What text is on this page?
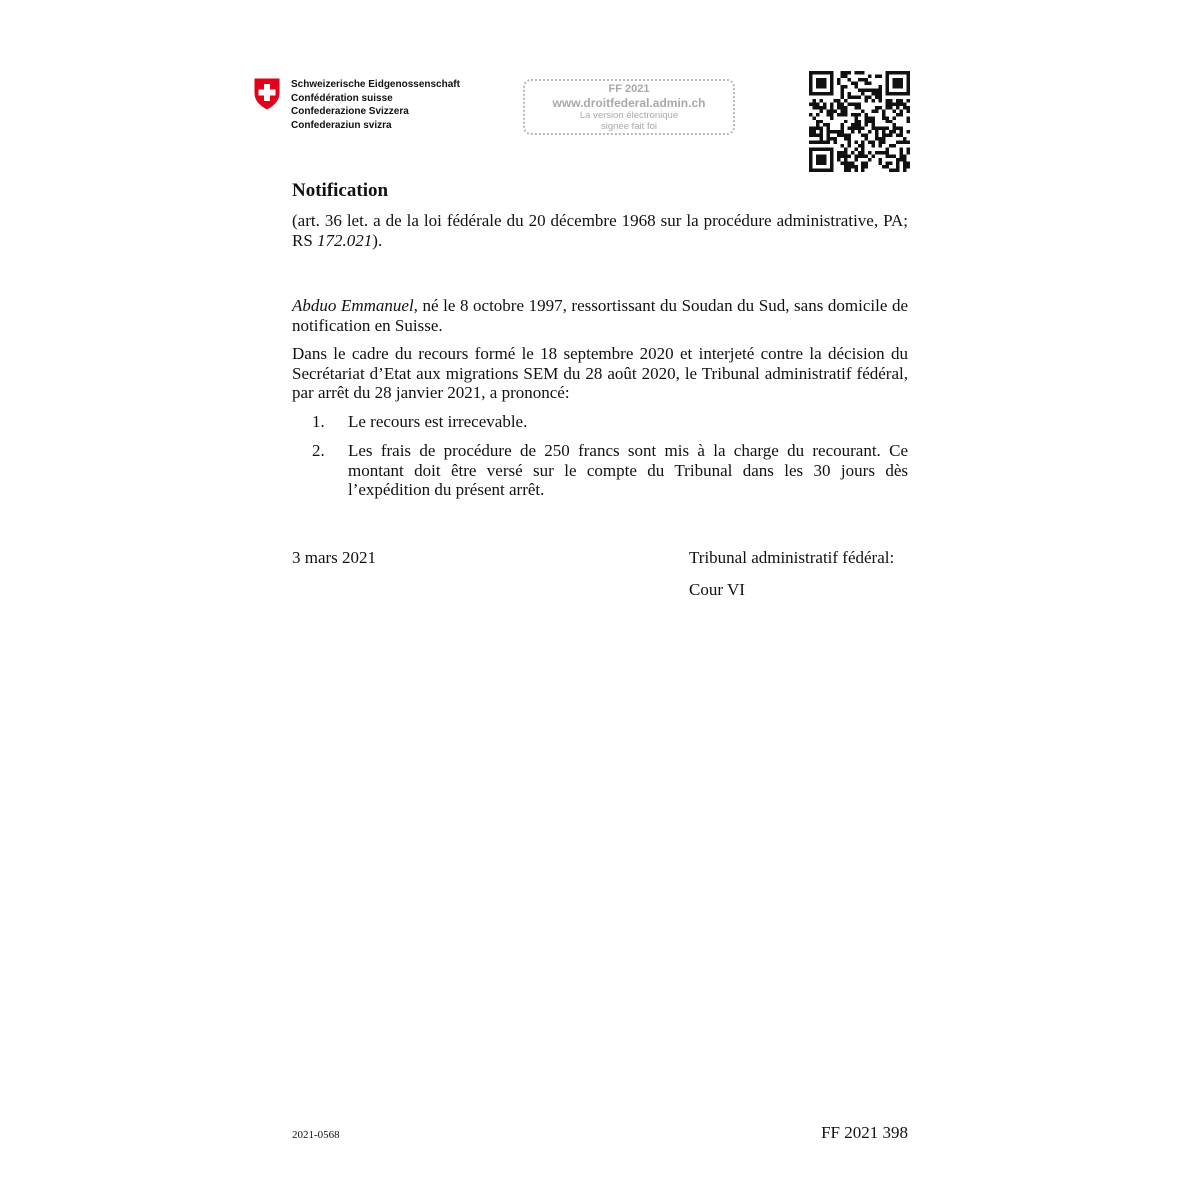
Schweizerische Eidgenossenschaft
Confédération suisse
Confederazione Svizzera
Confederaziun svizra
FF 2021
www.droitfederal.admin.ch
La version électronique
signée fait foi
Notification
(art. 36 let. a de la loi fédérale du 20 décembre 1968 sur la procédure administrative, PA; RS 172.021).
Abduo Emmanuel, né le 8 octobre 1997, ressortissant du Soudan du Sud, sans domicile de notification en Suisse.
Dans le cadre du recours formé le 18 septembre 2020 et interjeté contre la décision du Secrétariat d’Etat aux migrations SEM du 28 août 2020, le Tribunal administratif fédéral, par arrêt du 28 janvier 2021, a prononcé:
1. Le recours est irrecevable.
2. Les frais de procédure de 250 francs sont mis à la charge du recourant. Ce montant doit être versé sur le compte du Tribunal dans les 30 jours dès l’expédition du présent arrêt.
3 mars 2021	Tribunal administratif fédéral:
Cour VI
2021-0568	FF 2021 398
